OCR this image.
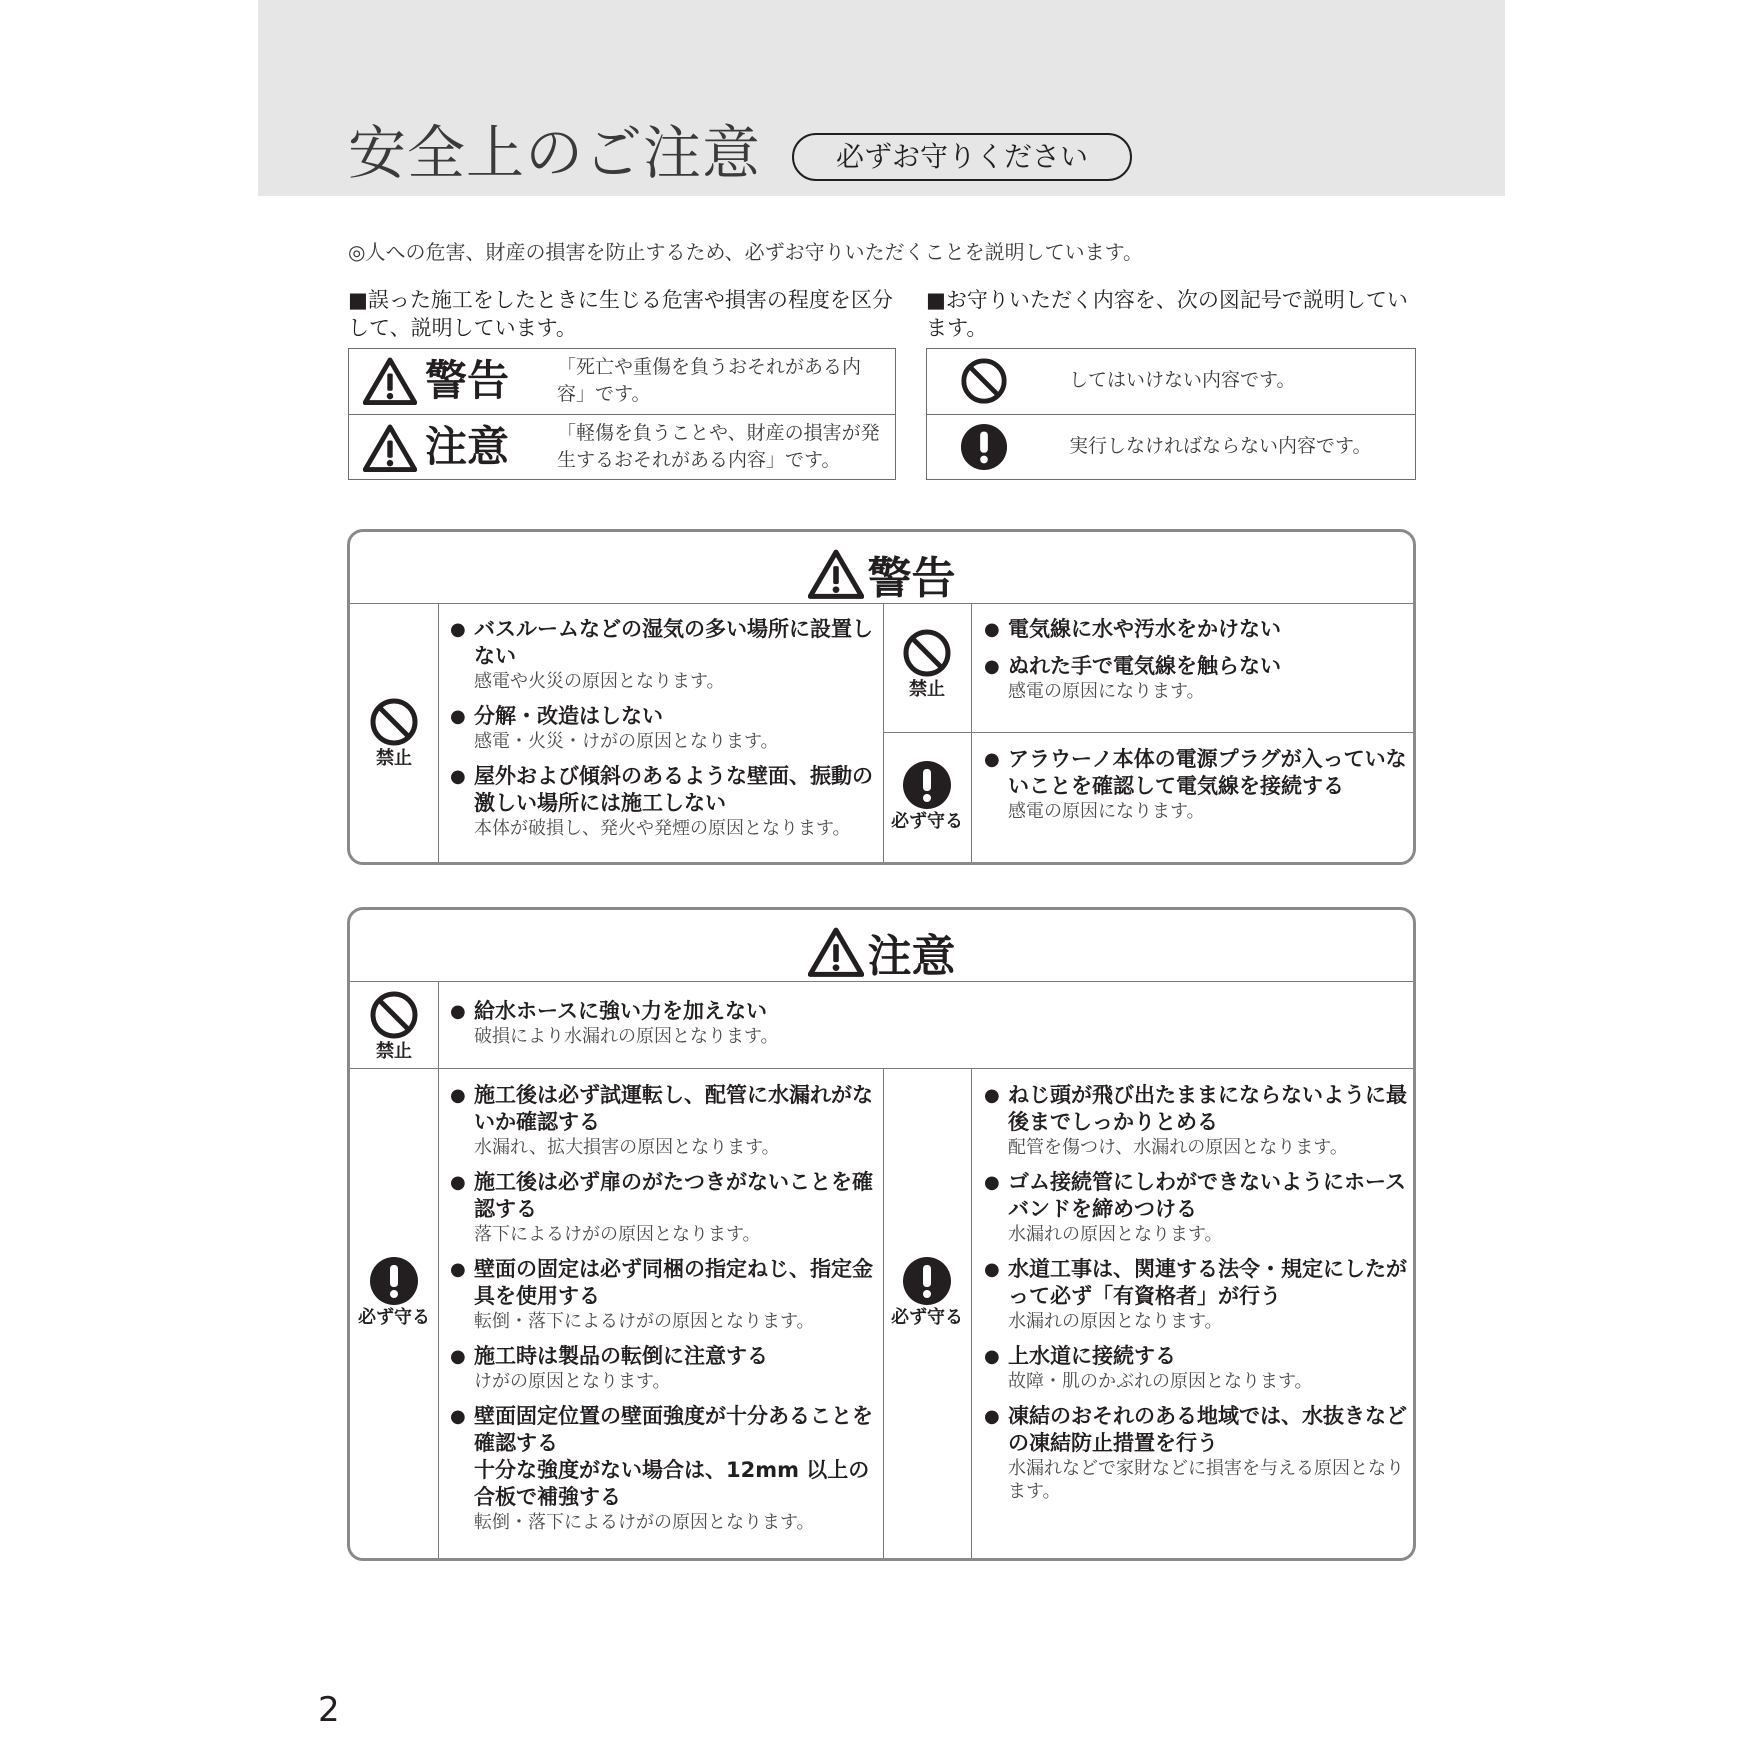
安全上のご注意	必ずお守りください
◎人への危害、財産の損害を防止するため、必ずお守りいただくことを説明しています。
■誤った施工をしたときに生じる危害や損害の程度を区分して、説明しています。
警告	「死亡や重傷を負うおそれがある内容」です。
注意	「軽傷を負うことや、財産の損害が発生するおそれがある内容」です。
■お守りいただく内容を、次の図記号で説明しています。
してはいけない内容です。
実行しなければならない内容です。
警告
禁止
● バスルームなどの湿気の多い場所に設置しない
感電や火災の原因となります。
● 分解・改造はしない
感電・火災・けがの原因となります。
● 屋外および傾斜のあるような壁面、振動の激しい場所には施工しない
本体が破損し、発火や発煙の原因となります。
禁止
● 電気線に水や汚水をかけない
● ぬれた手で電気線を触らない
感電の原因になります。
必ず守る
● アラウーノ本体の電源プラグが入っていないことを確認して電気線を接続する
感電の原因になります。
注意
禁止
● 給水ホースに強い力を加えない
破損により水漏れの原因となります。
必ず守る
● 施工後は必ず試運転し、配管に水漏れがないか確認する
水漏れ、拡大損害の原因となります。
● 施工後は必ず扉のがたつきがないことを確認する
落下によるけがの原因となります。
● 壁面の固定は必ず同梱の指定ねじ、指定金具を使用する
転倒・落下によるけがの原因となります。
● 施工時は製品の転倒に注意する
けがの原因となります。
● 壁面固定位置の壁面強度が十分あることを確認する
十分な強度がない場合は、12mm 以上の合板で補強する
転倒・落下によるけがの原因となります。
必ず守る
● ねじ頭が飛び出たままにならないように最後までしっかりとめる
配管を傷つけ、水漏れの原因となります。
● ゴム接続管にしわができないようにホースバンドを締めつける
水漏れの原因となります。
● 水道工事は、関連する法令・規定にしたがって必ず「有資格者」が行う
水漏れの原因となります。
● 上水道に接続する
故障・肌のかぶれの原因となります。
● 凍結のおそれのある地域では、水抜きなどの凍結防止措置を行う
水漏れなどで家財などに損害を与える原因となります。
2
